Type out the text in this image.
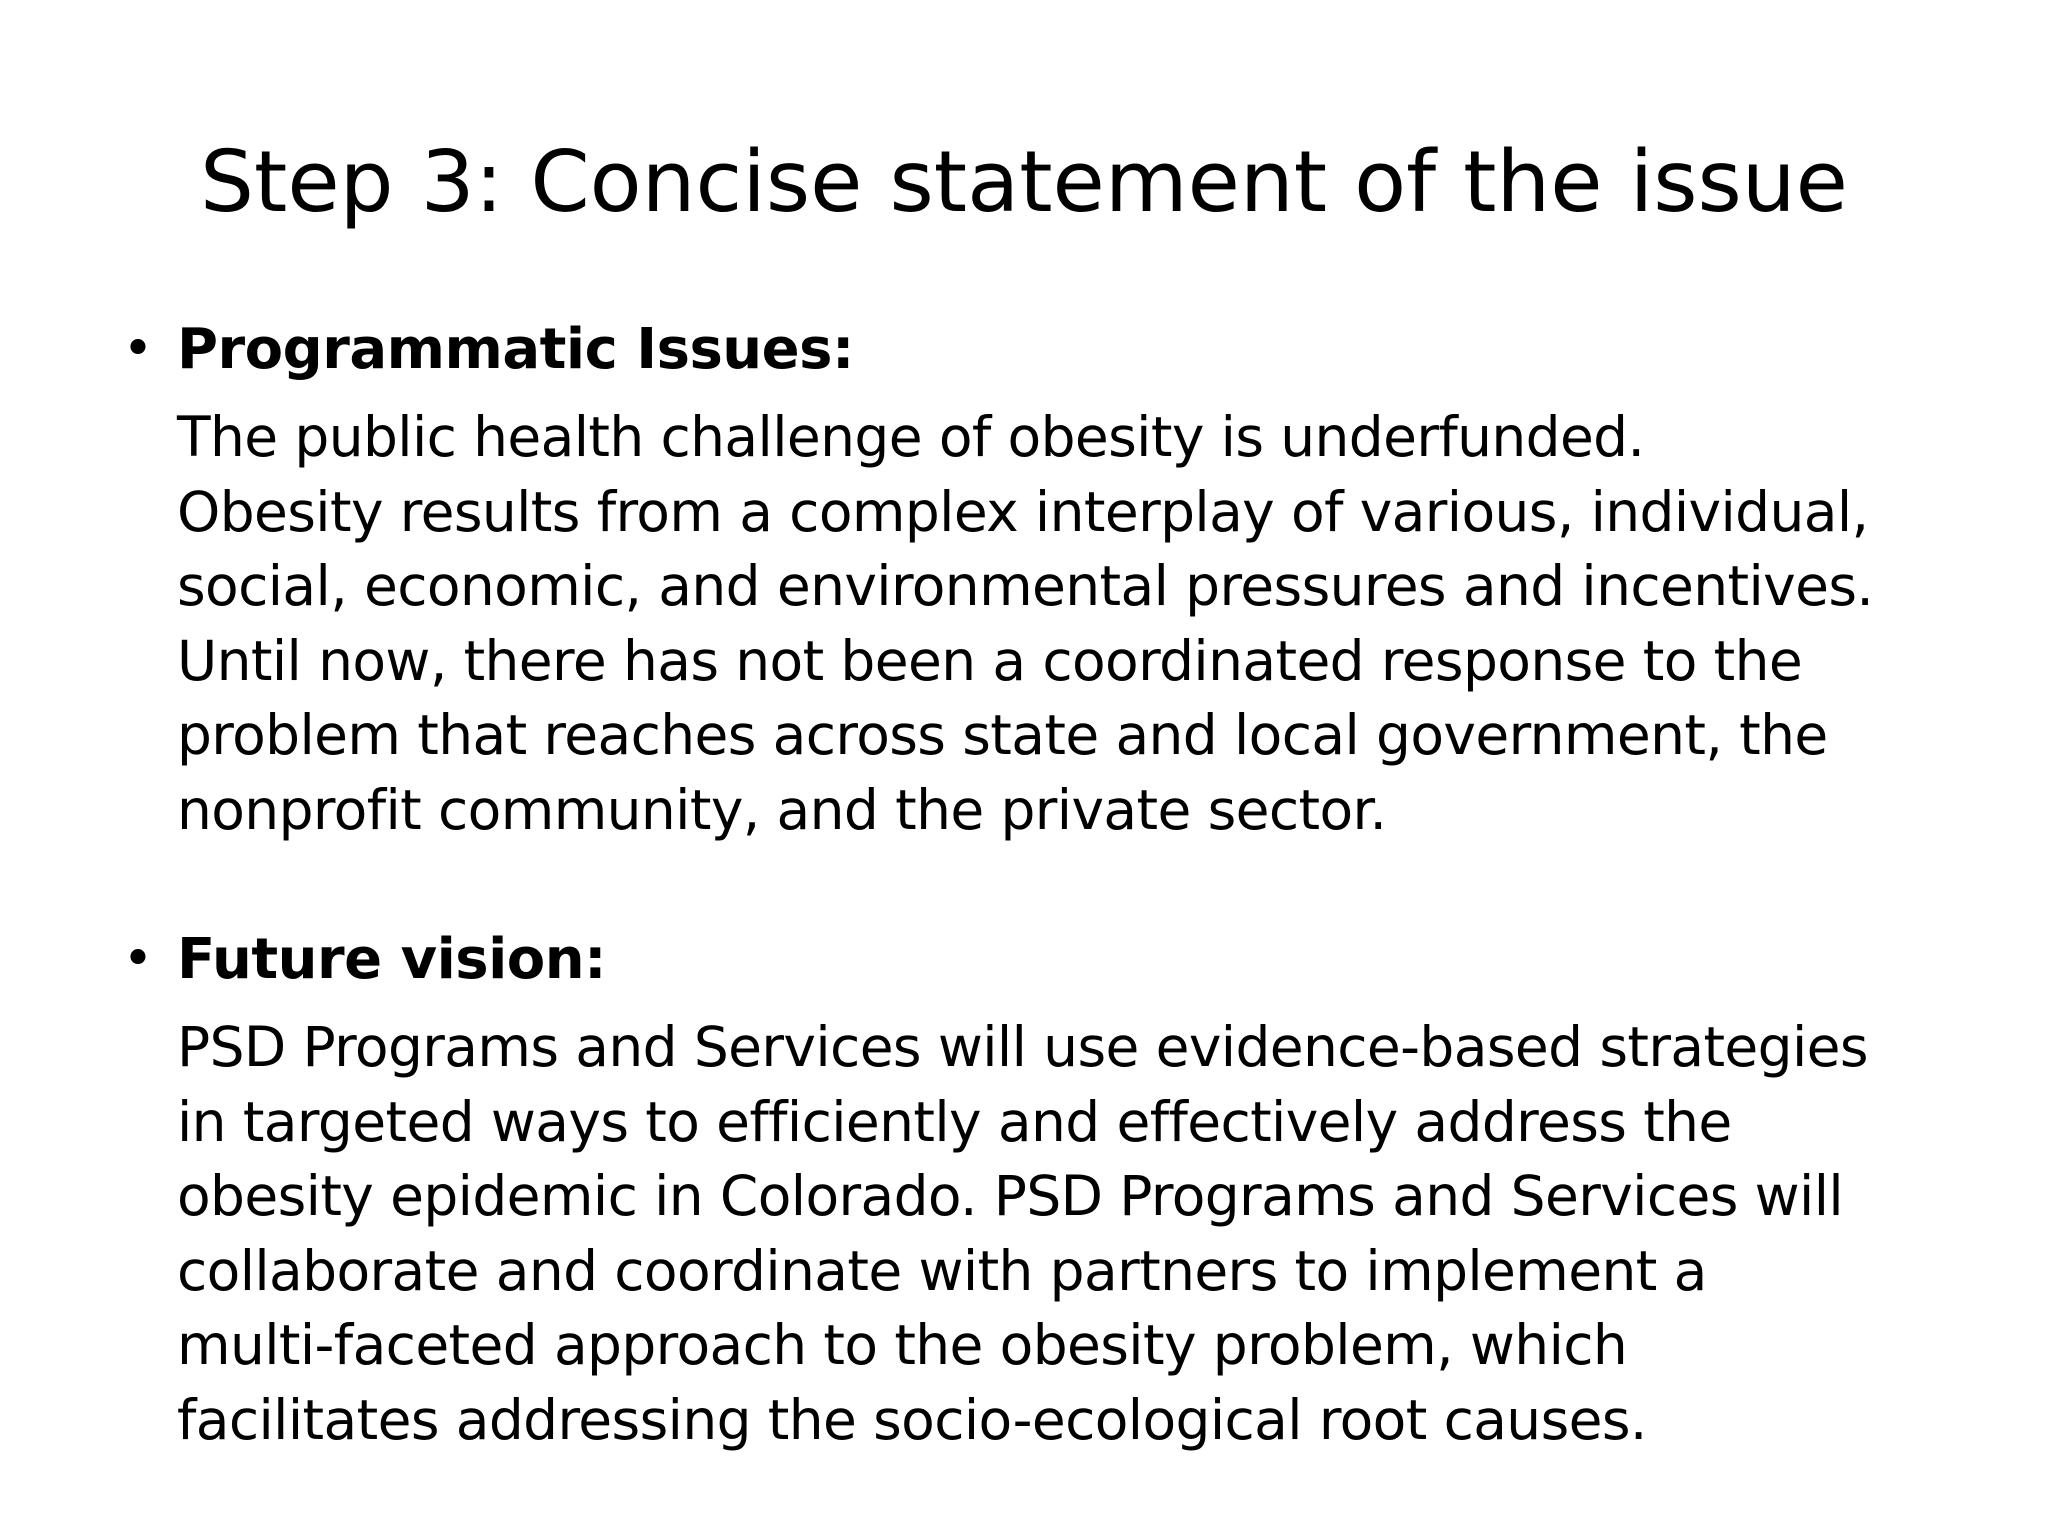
Step 3: Concise statement of the issue
• Programmatic Issues:
The public health challenge of obesity is underfunded.
Obesity results from a complex interplay of various, individual,
social, economic, and environmental pressures and incentives.
Until now, there has not been a coordinated response to the
problem that reaches across state and local government, the
nonprofit community, and the private sector.
• Future vision:
PSD Programs and Services will use evidence-based strategies
in targeted ways to efficiently and effectively address the
obesity epidemic in Colorado. PSD Programs and Services will
collaborate and coordinate with partners to implement a
multi-faceted approach to the obesity problem, which
facilitates addressing the socio-ecological root causes.
